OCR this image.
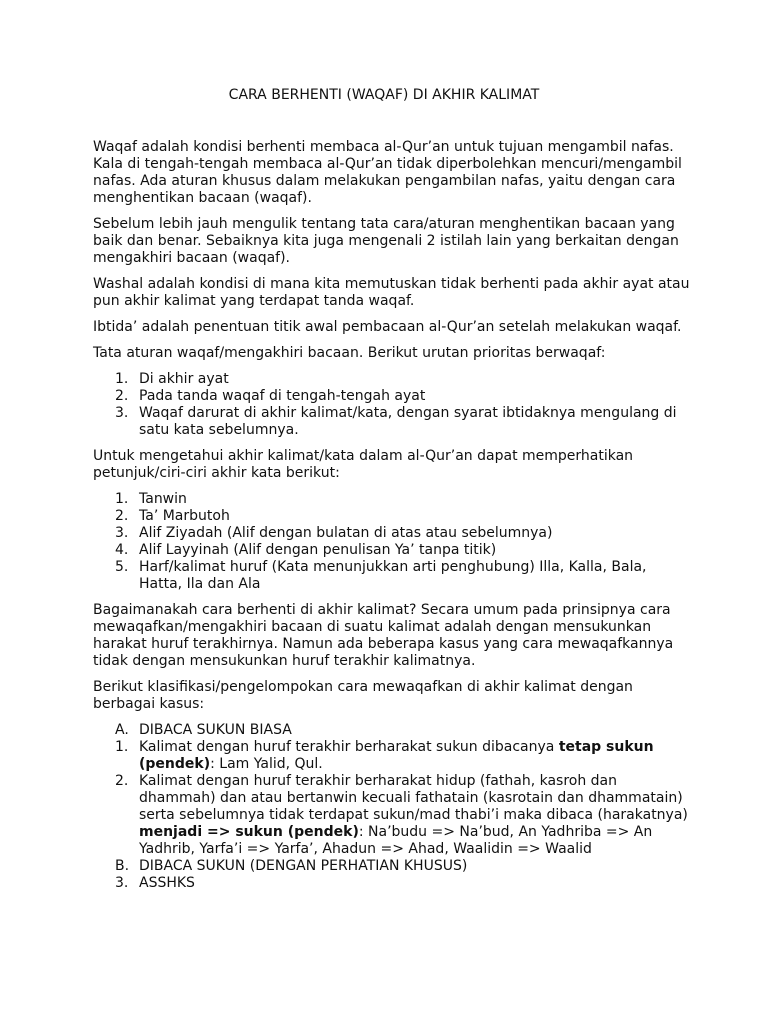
CARA BERHENTI (WAQAF) DI AKHIR KALIMAT

Waqaf adalah kondisi berhenti membaca al-Qur’an untuk tujuan mengambil nafas. Kala di tengah-tengah membaca al-Qur’an tidak diperbolehkan mencuri/mengambil nafas. Ada aturan khusus dalam melakukan pengambilan nafas, yaitu dengan cara menghentikan bacaan (waqaf).

Sebelum lebih jauh mengulik tentang tata cara/aturan menghentikan bacaan yang baik dan benar. Sebaiknya kita juga mengenali 2 istilah lain yang berkaitan dengan mengakhiri bacaan (waqaf).

Washal adalah kondisi di mana kita memutuskan tidak berhenti pada akhir ayat atau pun akhir kalimat yang terdapat tanda waqaf.

Ibtida’ adalah penentuan titik awal pembacaan al-Qur’an setelah melakukan waqaf.

Tata aturan waqaf/mengakhiri bacaan. Berikut urutan prioritas berwaqaf:

1. Di akhir ayat
2. Pada tanda waqaf di tengah-tengah ayat
3. Waqaf darurat di akhir kalimat/kata, dengan syarat ibtidaknya mengulang di satu kata sebelumnya.

Untuk mengetahui akhir kalimat/kata dalam al-Qur’an dapat memperhatikan petunjuk/ciri-ciri akhir kata berikut:

1. Tanwin
2. Ta’ Marbutoh
3. Alif Ziyadah (Alif dengan bulatan di atas atau sebelumnya)
4. Alif Layyinah (Alif dengan penulisan Ya’ tanpa titik)
5. Harf/kalimat huruf (Kata menunjukkan arti penghubung) Illa, Kalla, Bala, Hatta, Ila dan Ala

Bagaimanakah cara berhenti di akhir kalimat? Secara umum pada prinsipnya cara mewaqafkan/mengakhiri bacaan di suatu kalimat adalah dengan mensukunkan harakat huruf terakhirnya. Namun ada beberapa kasus yang cara mewaqafkannya tidak dengan mensukunkan huruf terakhir kalimatnya.

Berikut klasifikasi/pengelompokan cara mewaqafkan di akhir kalimat dengan berbagai kasus:

A. DIBACA SUKUN BIASA
1. Kalimat dengan huruf terakhir berharakat sukun dibacanya tetap sukun (pendek): Lam Yalid, Qul.
2. Kalimat dengan huruf terakhir berharakat hidup (fathah, kasroh dan dhammah) dan atau bertanwin kecuali fathatain (kasrotain dan dhammatain) serta sebelumnya tidak terdapat sukun/mad thabi’i maka dibaca (harakatnya) menjadi => sukun (pendek): Na’budu => Na’bud, An Yadhriba => An Yadhrib, Yarfa’i => Yarfa’, Ahadun => Ahad, Waalidin => Waalid
B. DIBACA SUKUN (DENGAN PERHATIAN KHUSUS)
3. ASSHKS
